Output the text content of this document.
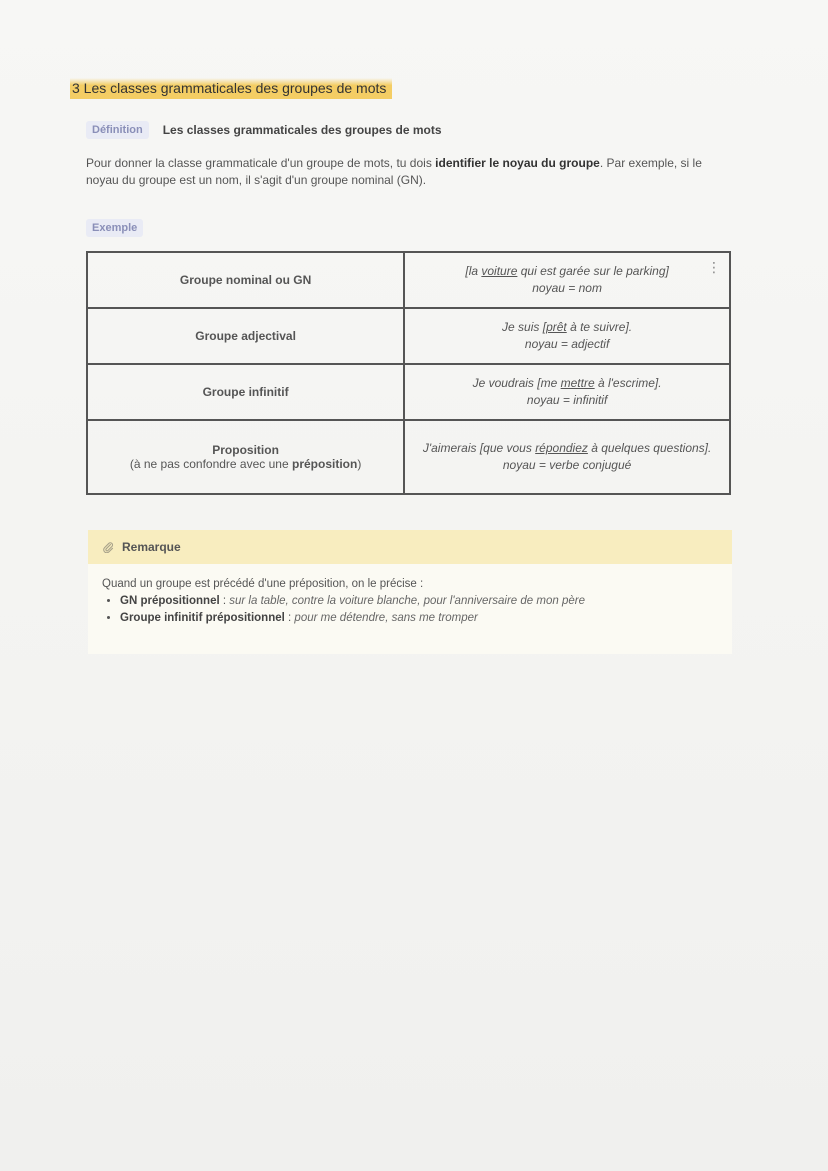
3 Les classes grammaticales des groupes de mots
Définition	Les classes grammaticales des groupes de mots
Pour donner la classe grammaticale d'un groupe de mots, tu dois identifier le noyau du groupe. Par exemple, si le noyau du groupe est un nom, il s'agit d'un groupe nominal (GN).
Exemple
Groupe nominal ou GN	[la voiture qui est garée sur le parking]
noyau = nom
Groupe adjectival	Je suis [prêt à te suivre].
noyau = adjectif
Groupe infinitif	Je voudrais [me mettre à l'escrime].
noyau = infinitif
Proposition
(à ne pas confondre avec une préposition)	J'aimerais [que vous répondiez à quelques questions].
noyau = verbe conjugué
⋮
Remarque
Quand un groupe est précédé d'une préposition, on le précise :
• GN prépositionnel : sur la table, contre la voiture blanche, pour l'anniversaire de mon père
• Groupe infinitif prépositionnel : pour me détendre, sans me tromper
